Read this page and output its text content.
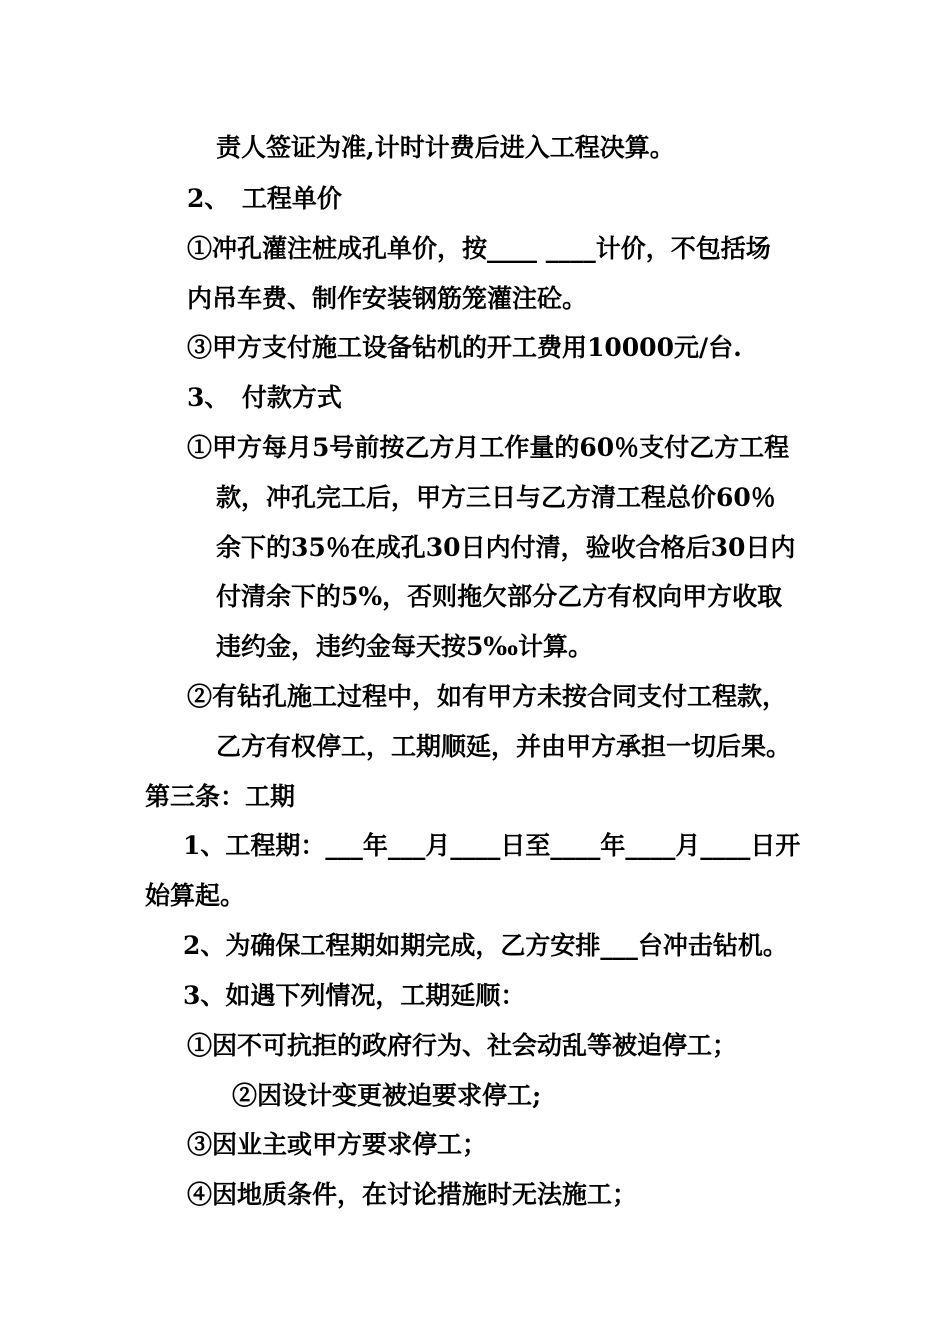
责人签证为准,计时计费后进入工程决算。
2、　工程单价
①冲孔灌注桩成孔单价，按____ ____计价，不包括场
内吊车费、制作安装钢筋笼灌注砼。
③甲方支付施工设备钻机的开工费用10000元/台.
3、　付款方式
①甲方每月5号前按乙方月工作量的60％支付乙方工程
款，冲孔完工后，甲方三日与乙方清工程总价60％
余下的35％在成孔30日内付清，验收合格后30日内
付清余下的5%，否则拖欠部分乙方有权向甲方收取
违约金，违约金每天按5‰计算。
②有钻孔施工过程中，如有甲方未按合同支付工程款，
乙方有权停工，工期顺延，并由甲方承担一切后果。
第三条：工期
1、工程期：___年___月____日至____年____月____日开
始算起。
2、为确保工程期如期完成，乙方安排___台冲击钻机。
3、如遇下列情况，工期延顺：
①因不可抗拒的政府行为、社会动乱等被迫停工；
②因设计变更被迫要求停工;
③因业主或甲方要求停工；
④因地质条件，在讨论措施时无法施工；
